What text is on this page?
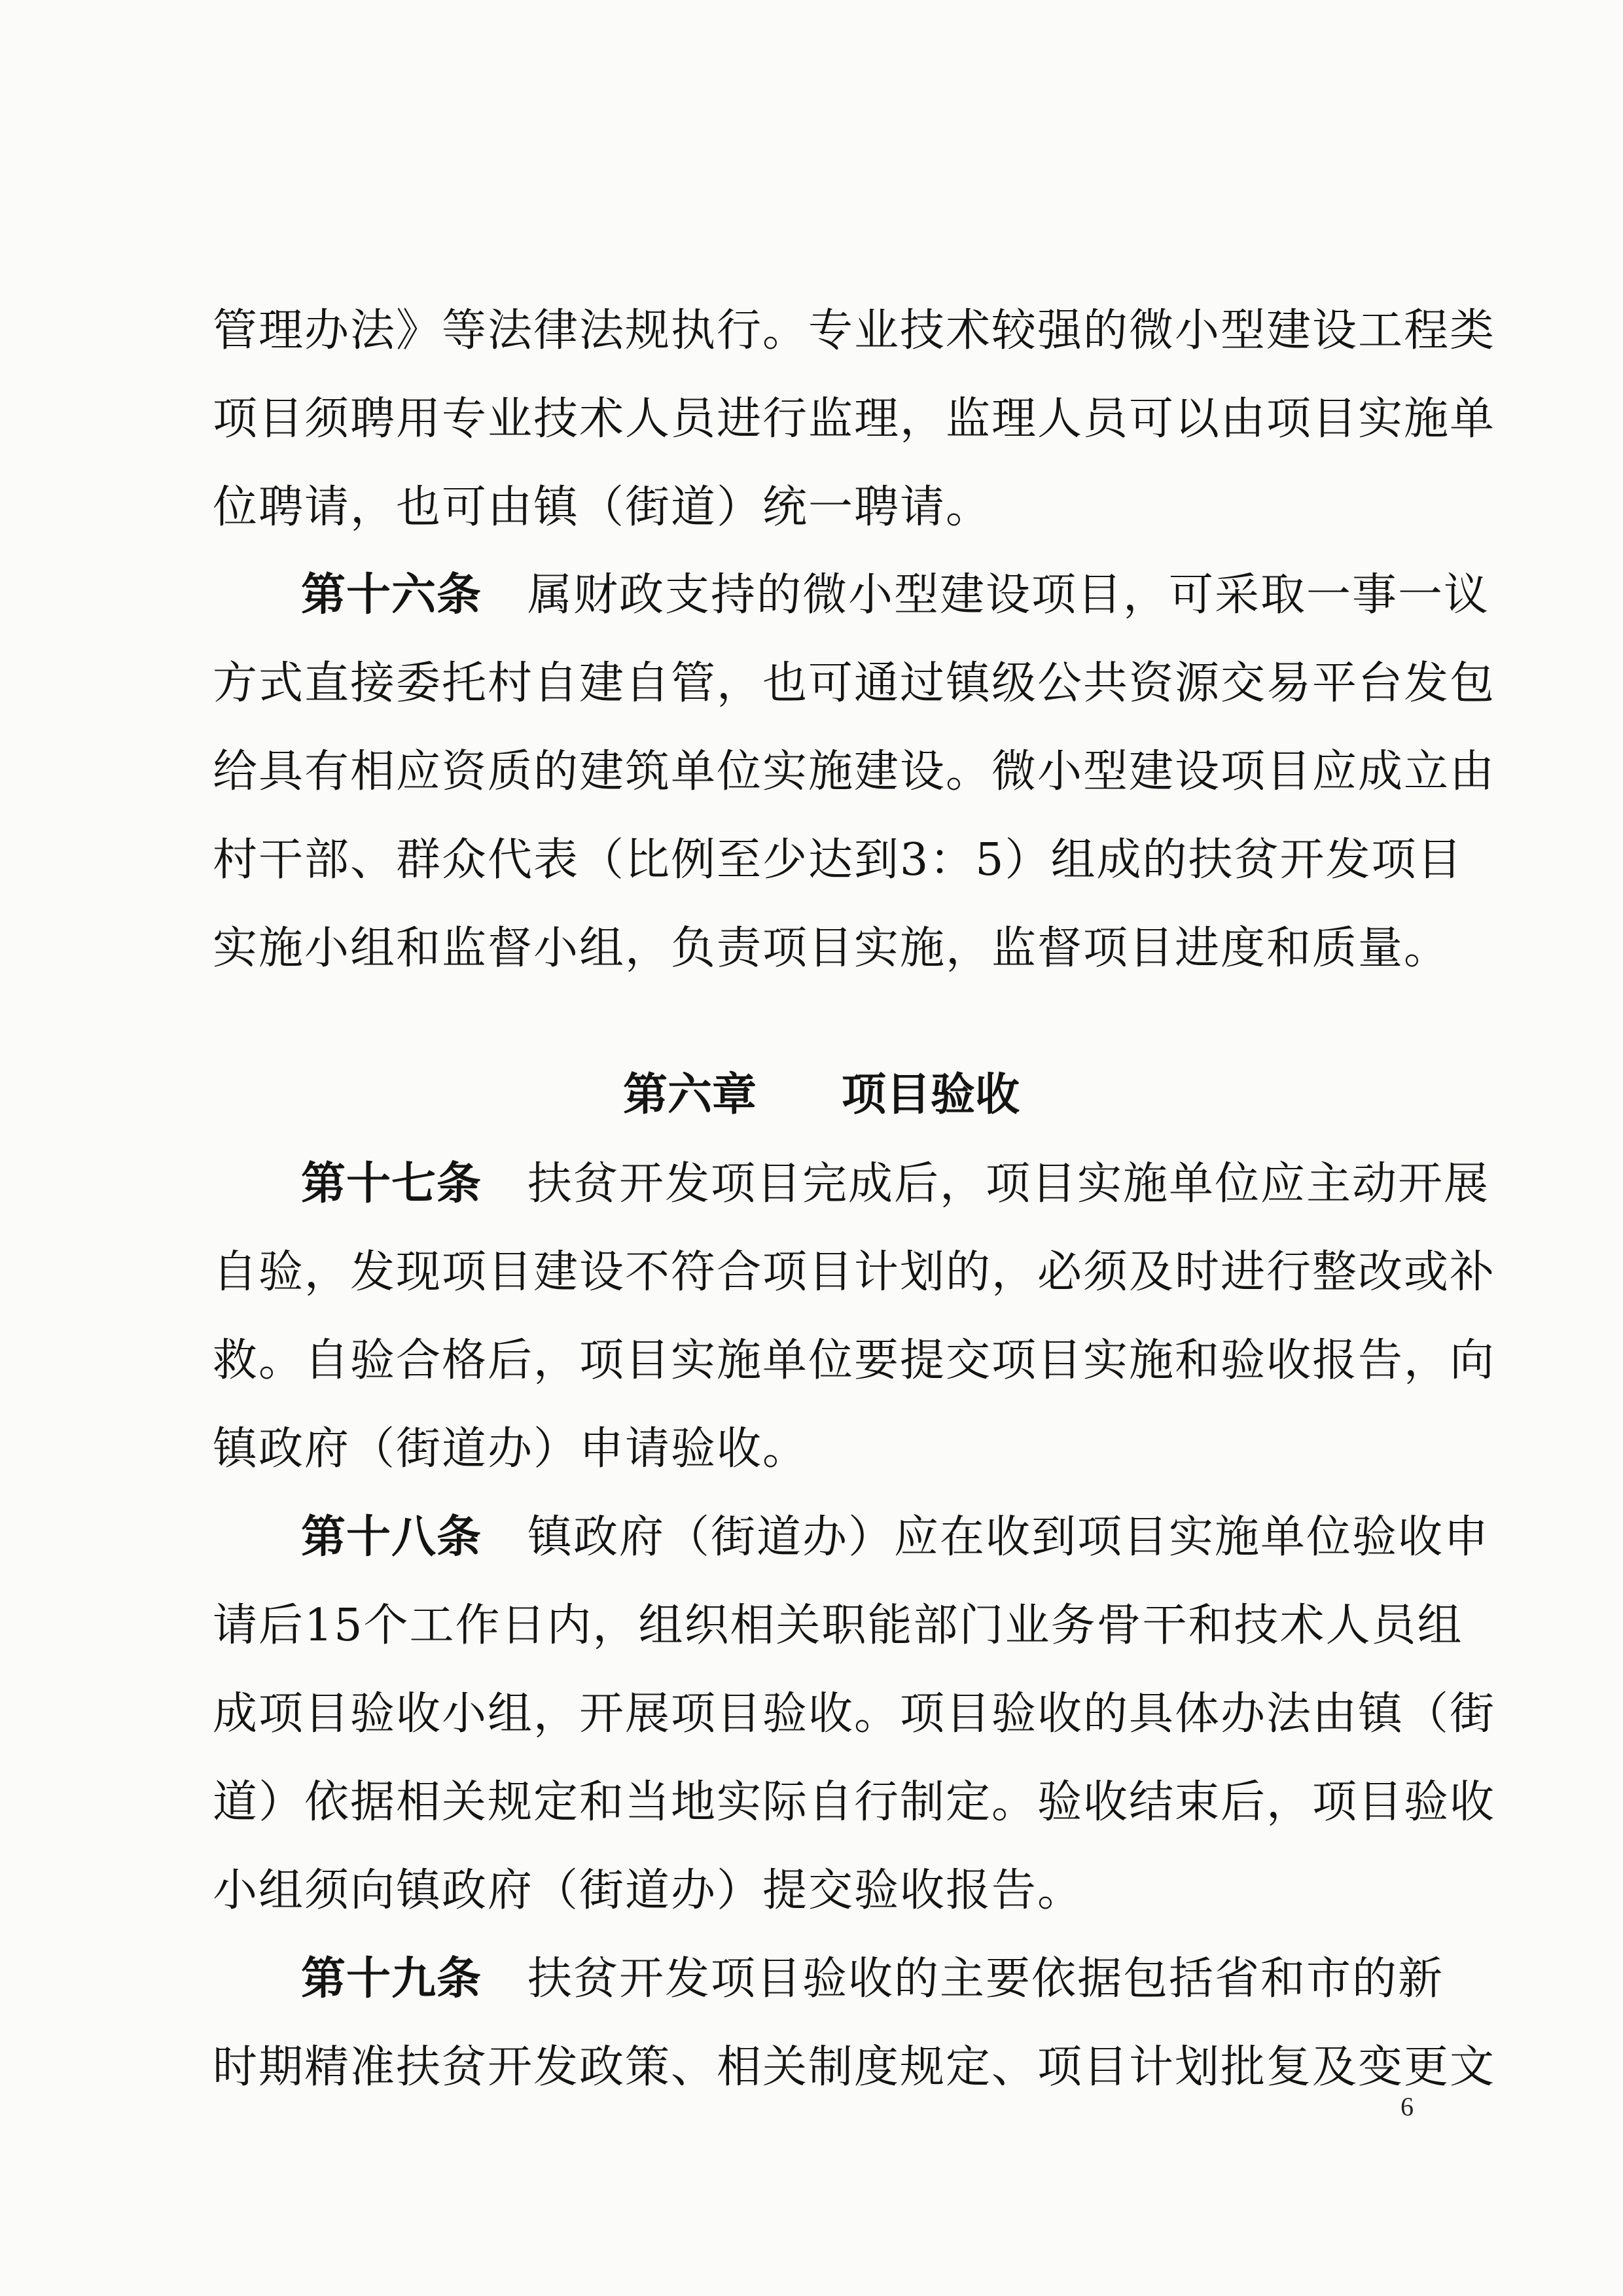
管理办法》等法律法规执行。专业技术较强的微小型建设工程类
项目须聘用专业技术人员进行监理，监理人员可以由项目实施单
位聘请，也可由镇（街道）统一聘请。
第十六条 属财政支持的微小型建设项目，可采取一事一议
方式直接委托村自建自管，也可通过镇级公共资源交易平台发包
给具有相应资质的建筑单位实施建设。微小型建设项目应成立由
村干部、群众代表（比例至少达到3：5）组成的扶贫开发项目
实施小组和监督小组，负责项目实施，监督项目进度和质量。
第六章 项目验收
第十七条 扶贫开发项目完成后，项目实施单位应主动开展
自验，发现项目建设不符合项目计划的，必须及时进行整改或补
救。自验合格后，项目实施单位要提交项目实施和验收报告，向
镇政府（街道办）申请验收。
第十八条 镇政府（街道办）应在收到项目实施单位验收申
请后15个工作日内，组织相关职能部门业务骨干和技术人员组
成项目验收小组，开展项目验收。项目验收的具体办法由镇（街
道）依据相关规定和当地实际自行制定。验收结束后，项目验收
小组须向镇政府（街道办）提交验收报告。
第十九条 扶贫开发项目验收的主要依据包括省和市的新
时期精准扶贫开发政策、相关制度规定、项目计划批复及变更文
6
